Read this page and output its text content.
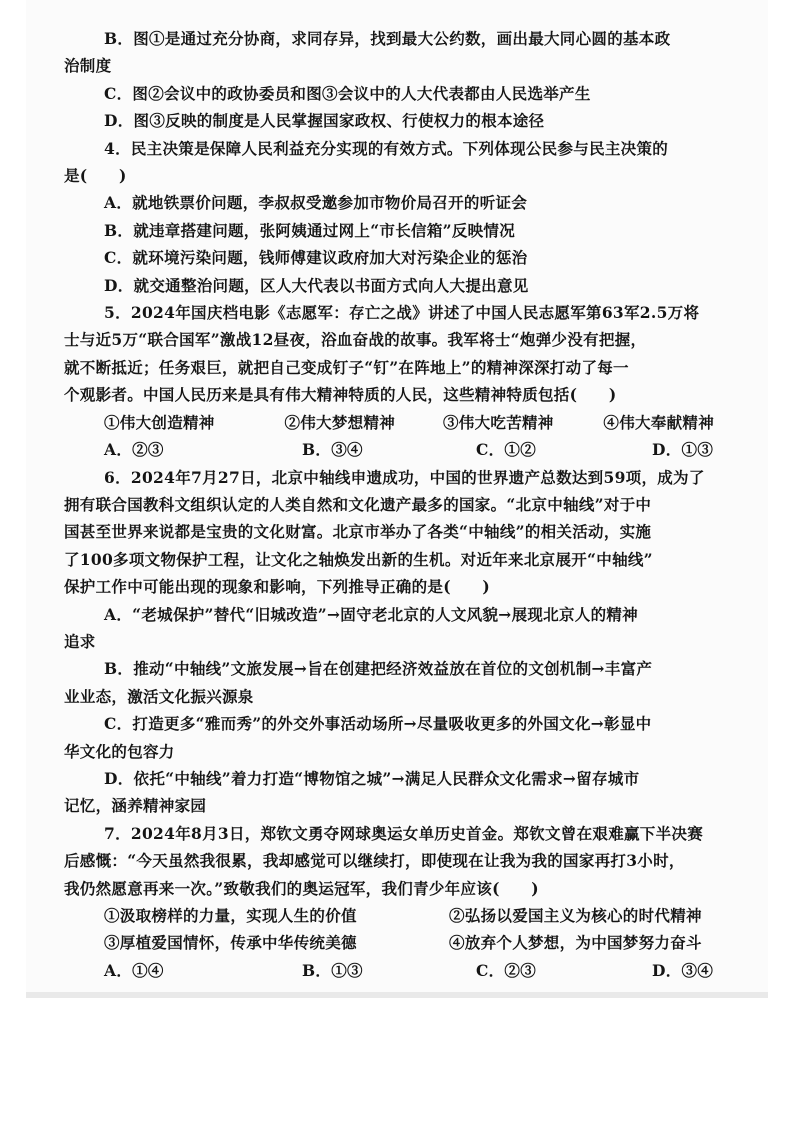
B．图①是通过充分协商，求同存异，找到最大公约数，画出最大同心圆的基本政
治制度
C．图②会议中的政协委员和图③会议中的人大代表都由人民选举产生
D．图③反映的制度是人民掌握国家政权、行使权力的根本途径
4．民主决策是保障人民利益充分实现的有效方式。下列体现公民参与民主决策的
是(　　)
A．就地铁票价问题，李叔叔受邀参加市物价局召开的听证会
B．就违章搭建问题，张阿姨通过网上“市长信箱”反映情况
C．就环境污染问题，钱师傅建议政府加大对污染企业的惩治
D．就交通整治问题，区人大代表以书面方式向人大提出意见
5．2024年国庆档电影《志愿军：存亡之战》讲述了中国人民志愿军第63军2.5万将
士与近5万“联合国军”激战12昼夜，浴血奋战的故事。我军将士“炮弹少没有把握，
就不断抵近；任务艰巨，就把自己变成钉子“钉”在阵地上”的精神深深打动了每一
个观影者。中国人民历来是具有伟大精神特质的人民，这些精神特质包括(　　)
①伟大创造精神	②伟大梦想精神	③伟大吃苦精神	④伟大奉献精神
A．②③	B．③④	C．①②	D．①③
6．2024年7月27日，北京中轴线申遗成功，中国的世界遗产总数达到59项，成为了
拥有联合国教科文组织认定的人类自然和文化遗产最多的国家。“北京中轴线”对于中
国甚至世界来说都是宝贵的文化财富。北京市举办了各类“中轴线”的相关活动，实施
了100多项文物保护工程，让文化之轴焕发出新的生机。对近年来北京展开“中轴线”
保护工作中可能出现的现象和影响，下列推导正确的是(　　)
A．“老城保护”替代“旧城改造”→固守老北京的人文风貌→展现北京人的精神
追求
B．推动“中轴线”文旅发展→旨在创建把经济效益放在首位的文创机制→丰富产
业业态，激活文化振兴源泉
C．打造更多“雅而秀”的外交外事活动场所→尽量吸收更多的外国文化→彰显中
华文化的包容力
D．依托“中轴线”着力打造“博物馆之城”→满足人民群众文化需求→留存城市
记忆，涵养精神家园
7．2024年8月3日，郑钦文勇夺网球奥运女单历史首金。郑钦文曾在艰难赢下半决赛
后感慨：“今天虽然我很累，我却感觉可以继续打，即使现在让我为我的国家再打3小时，
我仍然愿意再来一次。”致敬我们的奥运冠军，我们青少年应该(　　)
①汲取榜样的力量，实现人生的价值	②弘扬以爱国主义为核心的时代精神
③厚植爱国情怀，传承中华传统美德	④放弃个人梦想，为中国梦努力奋斗
A．①④	B．①③	C．②③	D．③④
